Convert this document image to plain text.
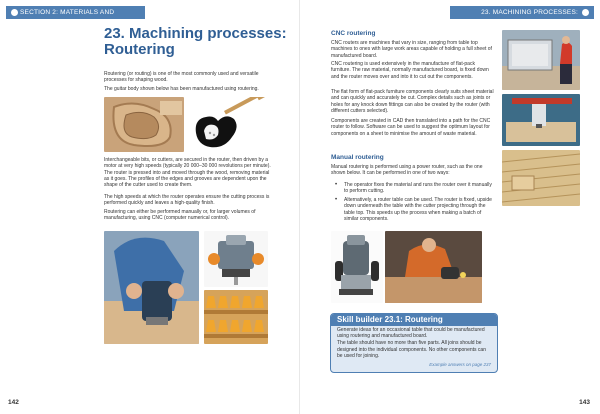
SECTION 2: MATERIALS AND MANUFACTURING	23. Machining processes:
Routering
Routering (or routing) is one of the most commonly used and versatile processes for shaping wood.
The guitar body shown below has been manufactured using routering.
Interchangeable bits, or cutters, are secured in the router, then driven by a motor at very high speeds (typically 20 000–30 000 revolutions per minute). The router is pressed into and moved through the wood, removing material as it goes. The profiles of the edges and grooves are dependent upon the shape of the cutter used to create them.
The high speeds at which the router operates ensure the cutting process is performed quickly and leaves a high-quality finish.
Routering can either be performed manually or, for larger volumes of manufacturing, using CNC (computer numerical control).
142
23. MACHINING PROCESSES: ROUTERING
CNC routering
CNC routers are machines that vary in size, ranging from table top machines to ones with large work areas capable of holding a full sheet of manufactured board.
CNC routering is used extensively in the manufacture of flat-pack furniture. The raw material, normally manufactured board, is fixed down and the router moves over and into it to cut out the components.
The flat form of flat-pack furniture components clearly suits sheet material and can quickly and accurately be cut. Complex details such as joints or holes for any knock down fittings can also be created by the router (with different cutters selected).
Components are created in CAD then translated into a path for the CNC router to follow. Software can be used to suggest the optimum layout for components on a sheet to minimise the amount of waste material.
Manual routering
Manual routering is performed using a power router, such as the one shown below. It can be performed in one of two ways:
• The operator fixes the material and runs the router over it manually to perform cutting.
• Alternatively, a router table can be used. The router is fixed, upside down underneath the table with the cutter projecting through the table top. This speeds up the process when making a batch of similar components.
143
Skill builder 23.1: Routering

Generate ideas for an occasional table that could be manufactured using routering and manufactured board.

The table should have no more than five parts. All joins should be designed into the individual components. No other components can be used for joining.

Example answers on page 237
